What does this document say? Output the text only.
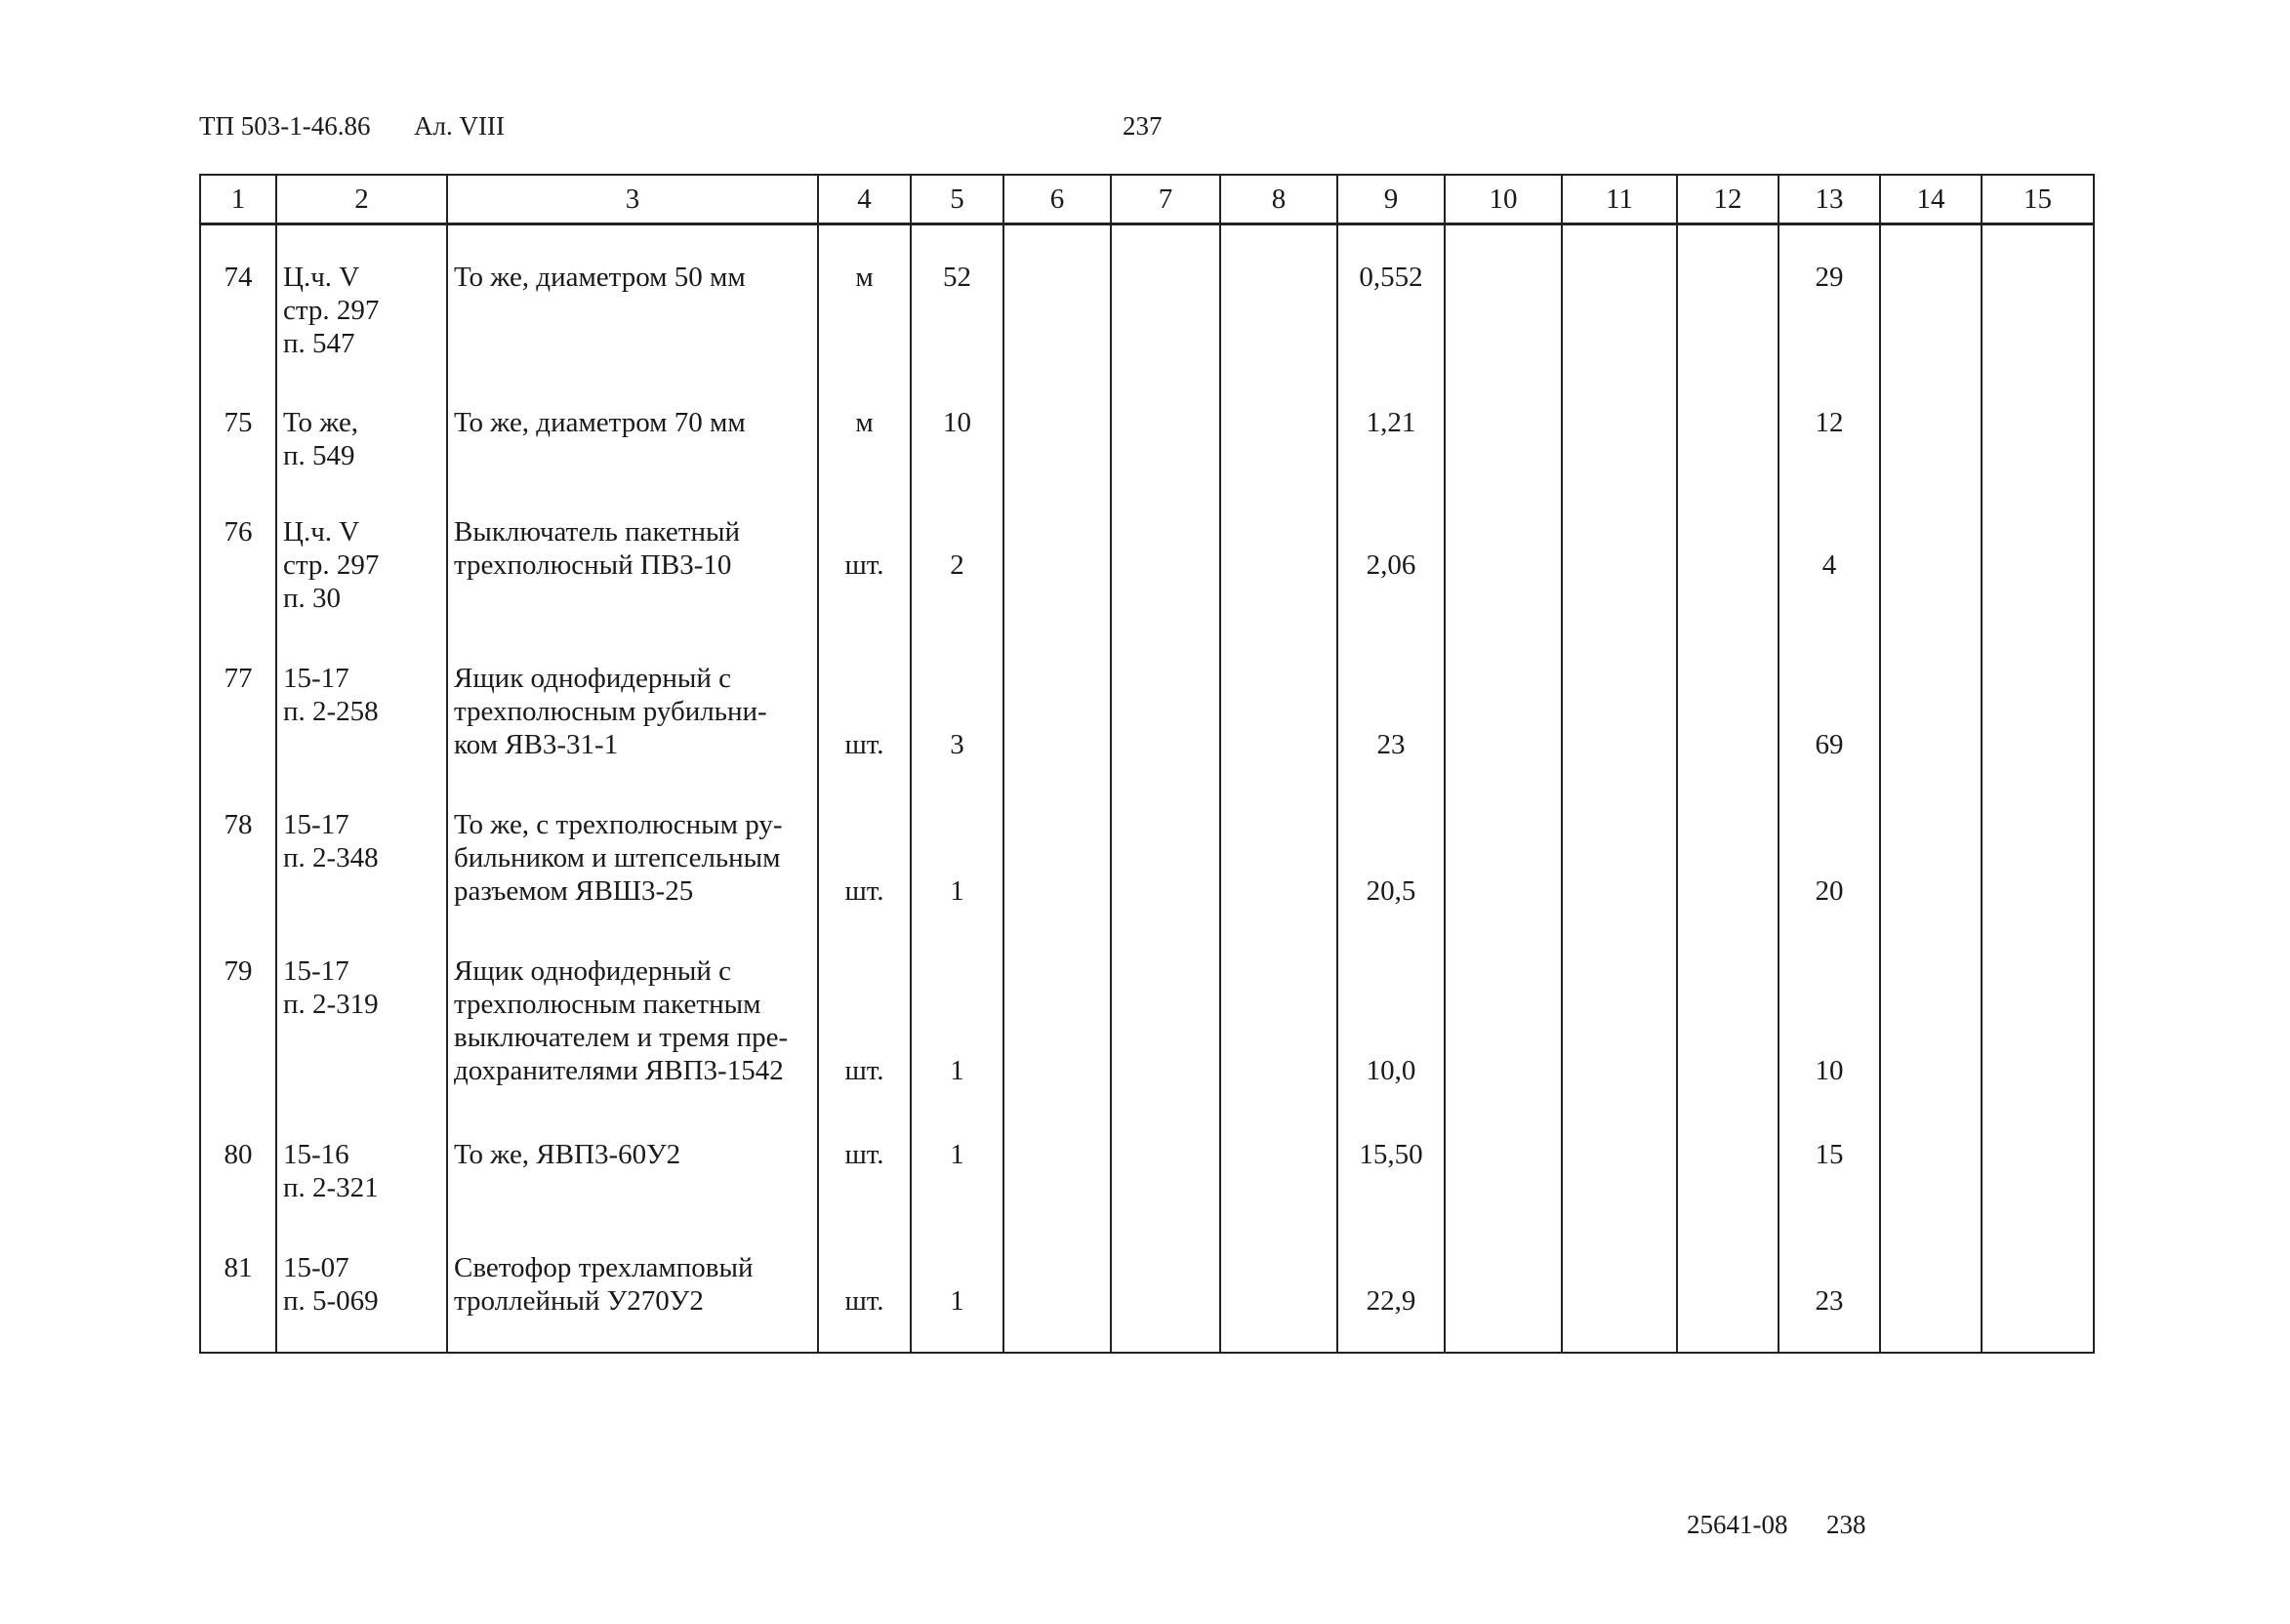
ТП 503-1-46.86 Ал. VIII	237
1	2	3	4	5	6	7	8	9	10	11	12	13	14	15
74	Ц.ч. V
стр. 297
п. 547	То же, диаметром 50 мм	м	52				0,552				29		
75	То же,
п. 549	То же, диаметром 70 мм	м	10				1,21				12		
76	Ц.ч. V
стр. 297
п. 30	Выключатель пакетный
трехполюсный ПВ3-10	шт.	2				2,06				4		
77	15-17
п. 2-258	Ящик однофидерный с
трехполюсным рубильни-
ком ЯВ3-31-1	шт.	3				23				69		
78	15-17
п. 2-348	То же, с трехполюсным ру-
бильником и штепсельным
разъемом ЯВШ3-25	шт.	1				20,5				20		
79	15-17
п. 2-319	Ящик однофидерный с
трехполюсным пакетным
выключателем и тремя пре-
дохранителями ЯВП3-1542	шт.	1				10,0				10		
80	15-16
п. 2-321	То же, ЯВП3-60У2	шт.	1				15,50				15		
81	15-07
п. 5-069	Светофор трехламповый
троллейный У270У2	шт.	1				22,9				23		
25641-08 238
